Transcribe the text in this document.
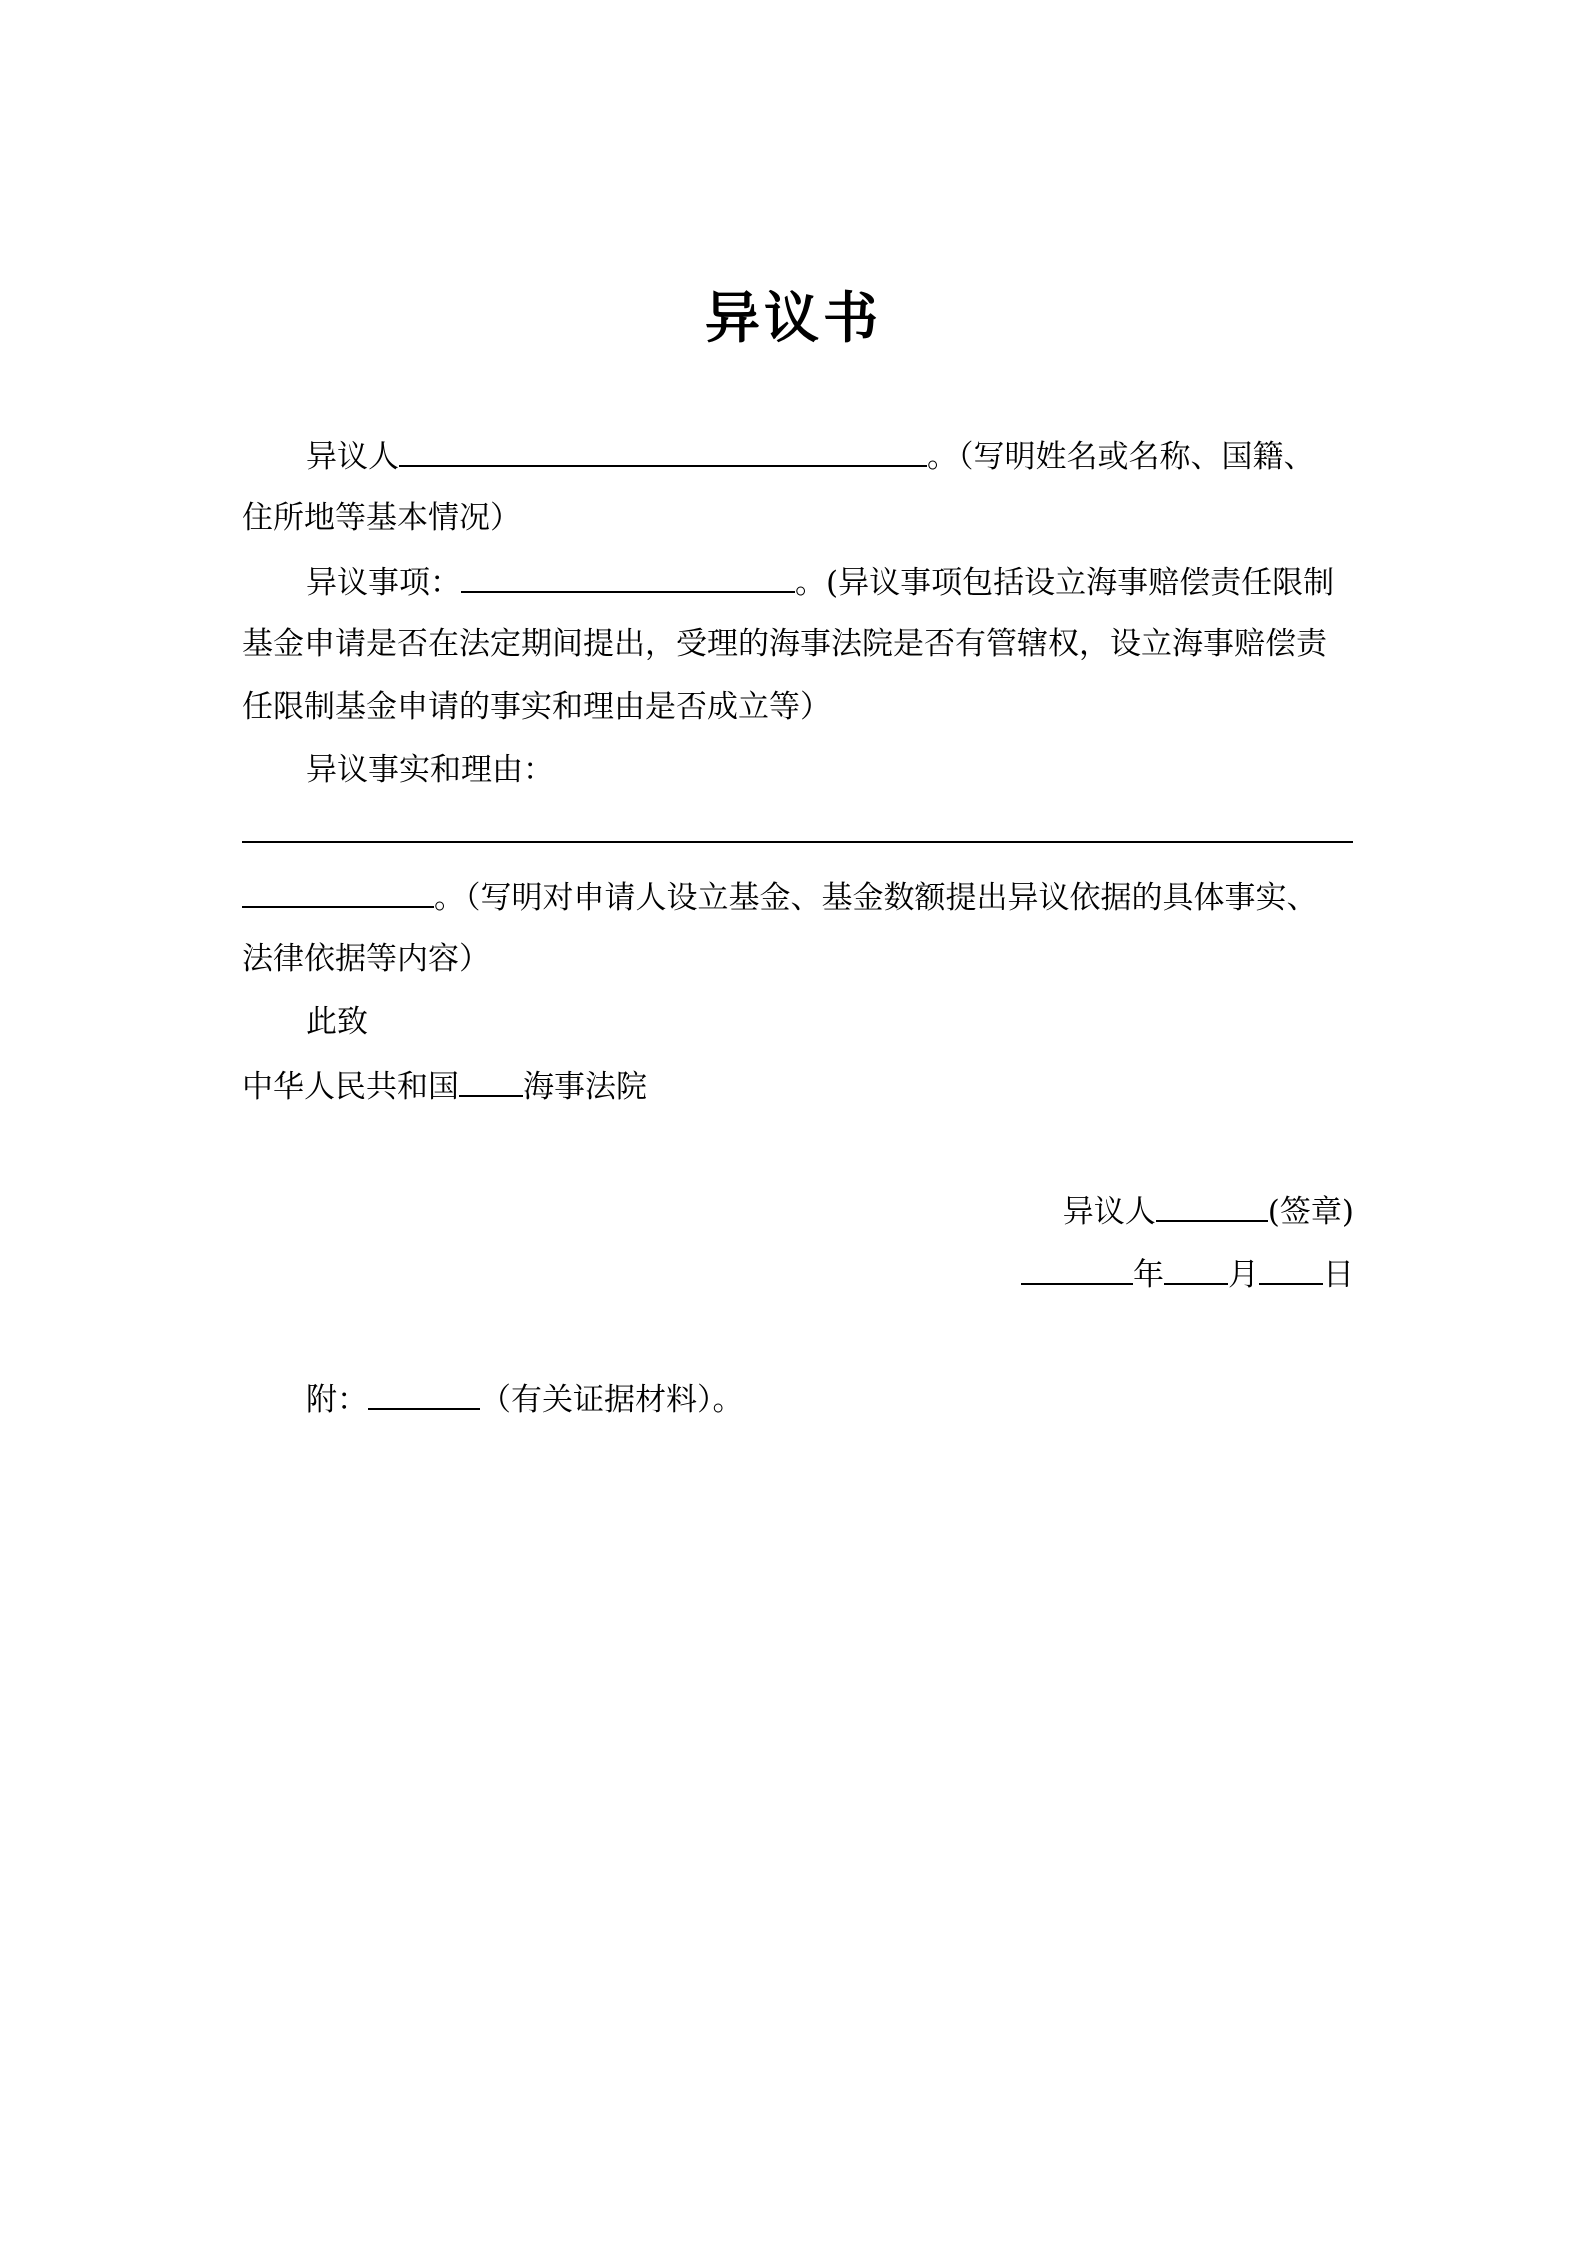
异议书
异议人	。（写明姓名或名称、国籍、
住所地等基本情况）
异议事项：	。(异议事项包括设立海事赔偿责任限制
基金申请是否在法定期间提出，受理的海事法院是否有管辖权，设立海事赔偿责
任限制基金申请的事实和理由是否成立等）
异议事实和理由：
。（写明对申请人设立基金、基金数额提出异议依据的具体事实、
法律依据等内容）
此致
中华人民共和国 海事法院
异议人	(签章)
年 月 日
附：	（有关证据材料）。
